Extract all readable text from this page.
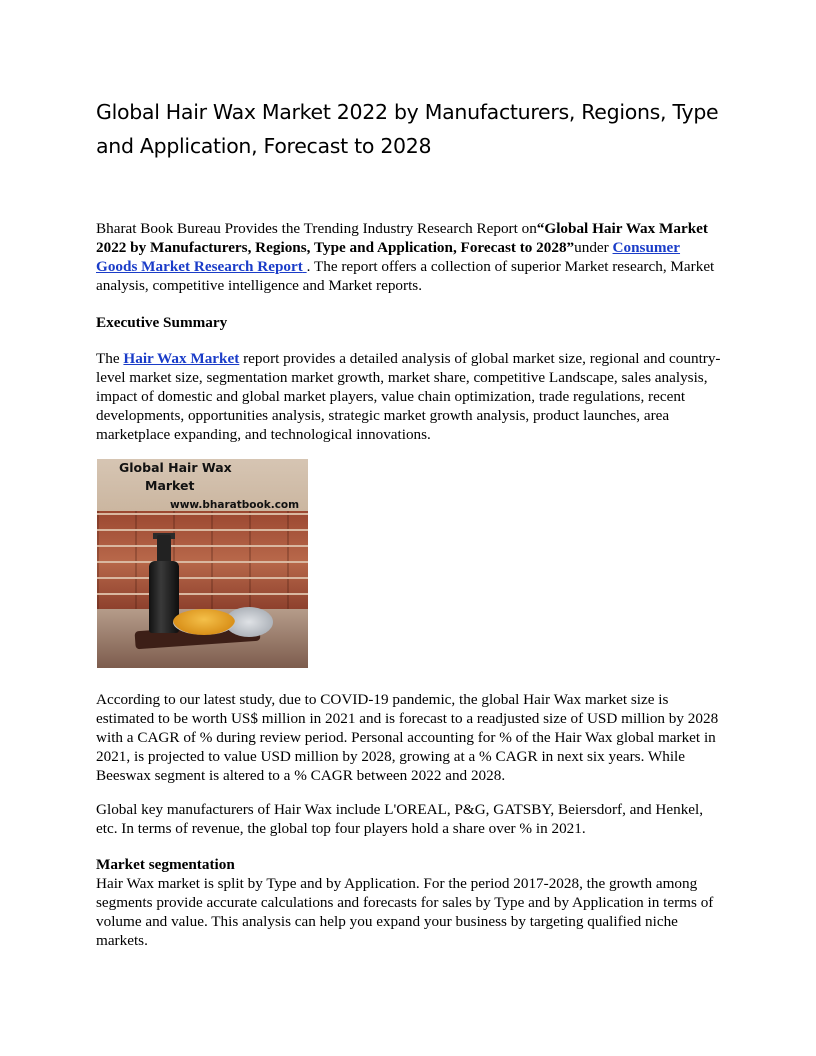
Global Hair Wax Market 2022 by Manufacturers, Regions, Type and Application, Forecast to 2028

Bharat Book Bureau Provides the Trending Industry Research Report on“Global Hair Wax Market 2022 by Manufacturers, Regions, Type and Application, Forecast to 2028”under Consumer Goods Market Research Report . The report offers a collection of superior Market research, Market analysis, competitive intelligence and Market reports.

Executive Summary

The Hair Wax Market report provides a detailed analysis of global market size, regional and country-level market size, segmentation market growth, market share, competitive Landscape, sales analysis, impact of domestic and global market players, value chain optimization, trade regulations, recent developments, opportunities analysis, strategic market growth analysis, product launches, area marketplace expanding, and technological innovations.

Global Hair Wax
Market
www.bharatbook.com

According to our latest study, due to COVID-19 pandemic, the global Hair Wax market size is estimated to be worth US$ million in 2021 and is forecast to a readjusted size of USD million by 2028 with a CAGR of % during review period. Personal accounting for % of the Hair Wax global market in 2021, is projected to value USD million by 2028, growing at a % CAGR in next six years. While Beeswax segment is altered to a % CAGR between 2022 and 2028.

Global key manufacturers of Hair Wax include L'OREAL, P&G, GATSBY, Beiersdorf, and Henkel, etc. In terms of revenue, the global top four players hold a share over % in 2021.

Market segmentation

Hair Wax market is split by Type and by Application. For the period 2017-2028, the growth among segments provide accurate calculations and forecasts for sales by Type and by Application in terms of volume and value. This analysis can help you expand your business by targeting qualified niche markets.
